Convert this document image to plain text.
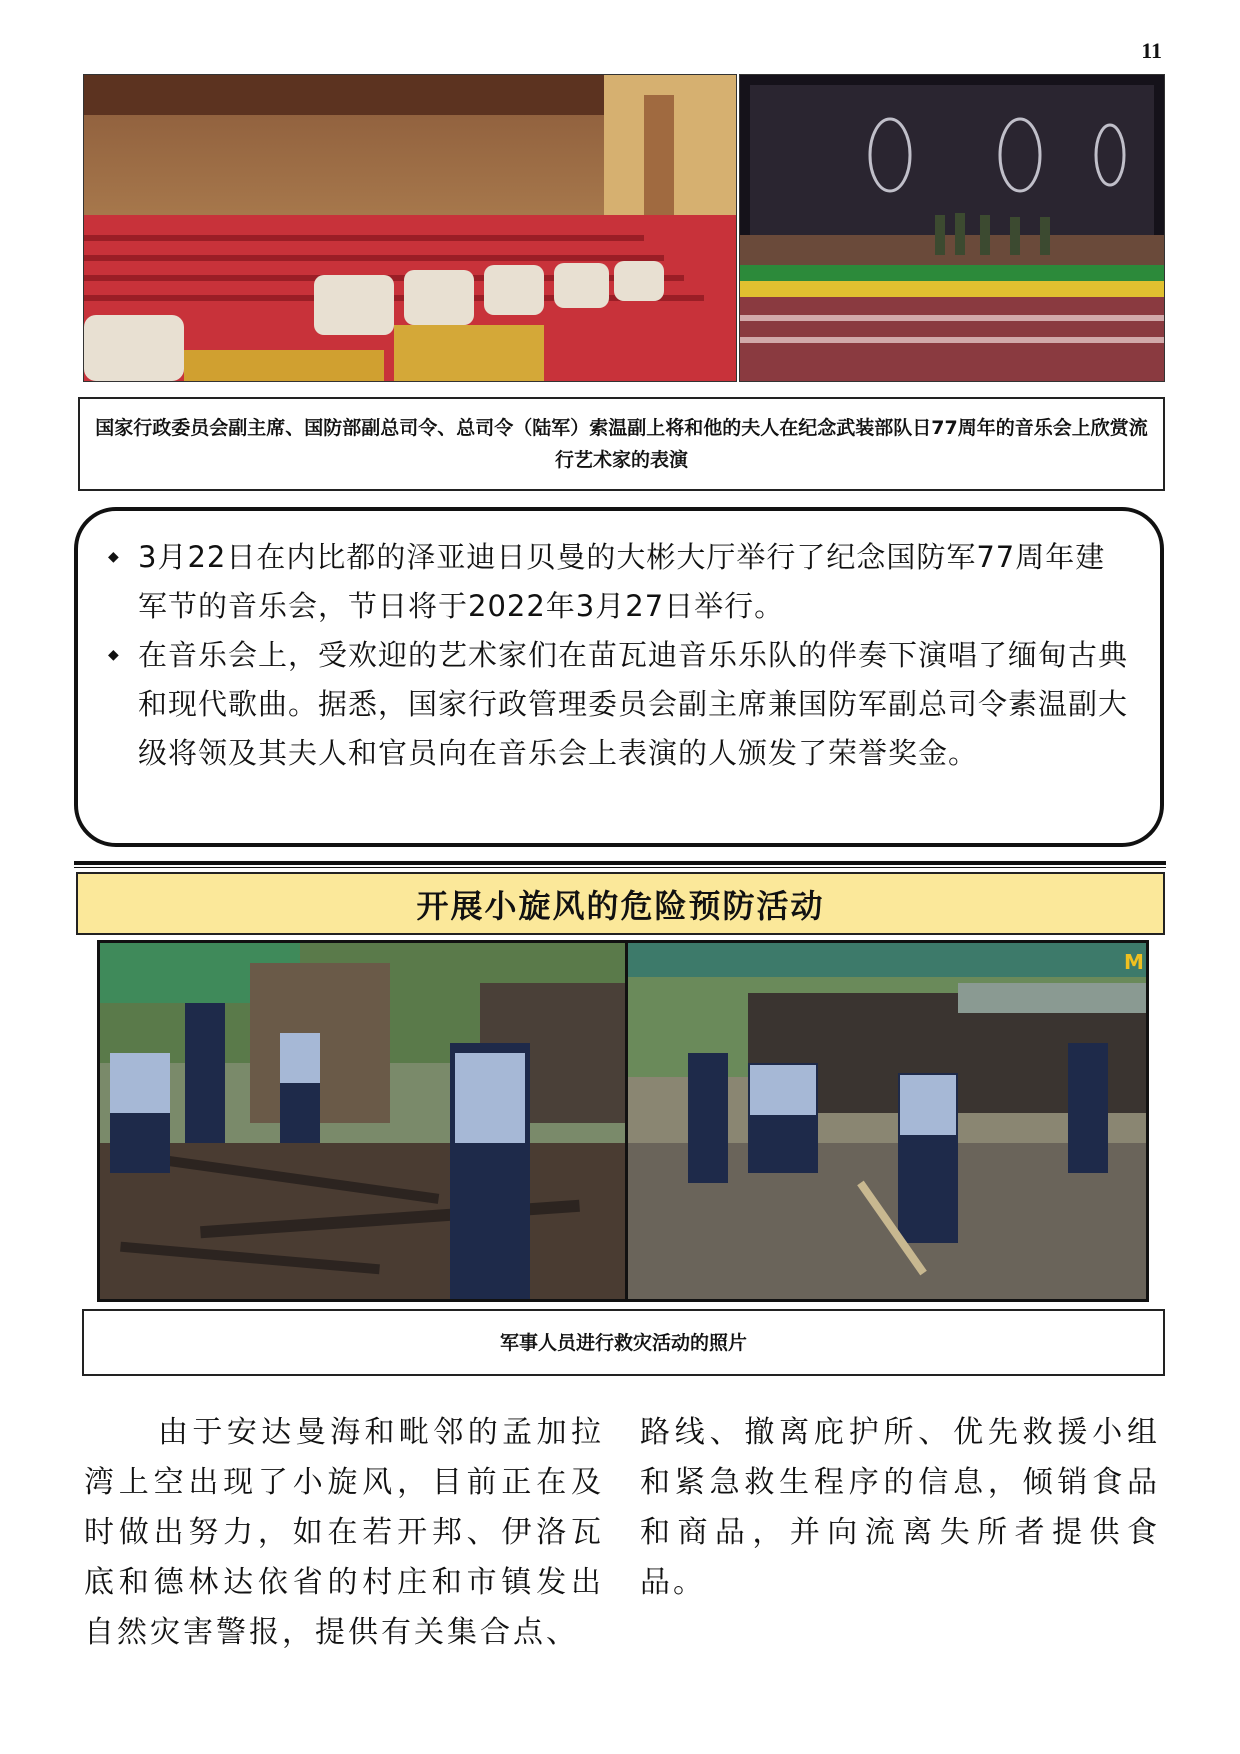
11
国家行政委员会副主席、国防部副总司令、总司令（陆军）索温副上将和他的夫人在纪念武装部队日77周年的音乐会上欣赏流行艺术家的表演
◆ 3月22日在内比都的泽亚迪日贝曼的大彬大厅举行了纪念国防军77周年建军节的音乐会，节日将于2022年3月27日举行。
◆ 在音乐会上，受欢迎的艺术家们在苗瓦迪音乐乐队的伴奏下演唱了缅甸古典和现代歌曲。据悉，国家行政管理委员会副主席兼国防军副总司令素温副大级将领及其夫人和官员向在音乐会上表演的人颁发了荣誉奖金。
开展小旋风的危险预防活动
M
军事人员进行救灾活动的照片
由于安达曼海和毗邻的孟加拉湾上空出现了小旋风，目前正在及时做出努力，如在若开邦、伊洛瓦底和德林达依省的村庄和市镇发出自然灾害警报，提供有关集合点、
路线、撤离庇护所、优先救援小组和紧急救生程序的信息，倾销食品和商品，并向流离失所者提供食品。
